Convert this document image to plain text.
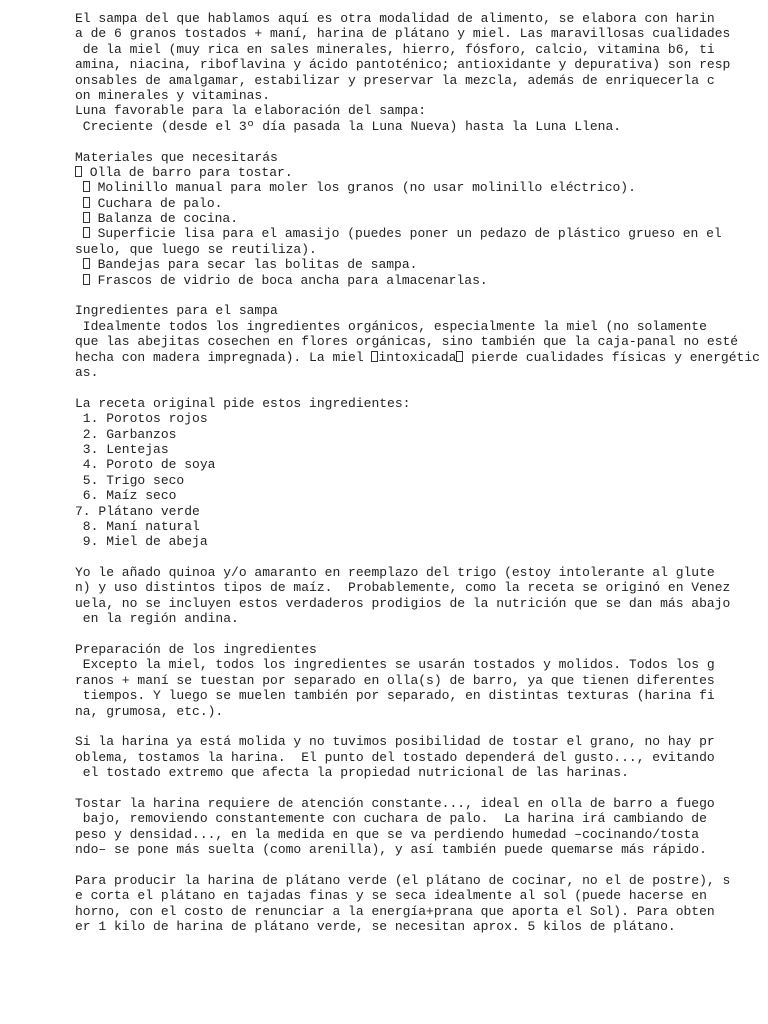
El sampa del que hablamos aquí es otra modalidad de alimento, se elabora con harin
a de 6 granos tostados + maní, harina de plátano y miel. Las maravillosas cualidades
de la miel (muy rica en sales minerales, hierro, fósforo, calcio, vitamina b6, ti
amina, niacina, riboflavina y ácido pantoténico; antioxidante y depurativa) son resp
onsables de amalgamar, estabilizar y preservar la mezcla, además de enriquecerla c
on minerales y vitaminas.
Luna favorable para la elaboración del sampa:
Creciente (desde el 3º día pasada la Luna Nueva) hasta la Luna Llena.
Materiales que necesitarás
Olla de barro para tostar.
Molinillo manual para moler los granos (no usar molinillo eléctrico).
Cuchara de palo.
Balanza de cocina.
Superficie lisa para el amasijo (puedes poner un pedazo de plástico grueso en el
suelo, que luego se reutiliza).
Bandejas para secar las bolitas de sampa.
Frascos de vidrio de boca ancha para almacenarlas.
Ingredientes para el sampa
Idealmente todos los ingredientes orgánicos, especialmente la miel (no solamente
que las abejitas cosechen en flores orgánicas, sino también que la caja-panal no esté
hecha con madera impregnada). La miel intoxicada pierde cualidades físicas y energétic
as.
La receta original pide estos ingredientes:
1. Porotos rojos
2. Garbanzos
3. Lentejas
4. Poroto de soya
5. Trigo seco
6. Maíz seco
7. Plátano verde
8. Maní natural
9. Miel de abeja
Yo le añado quinoa y/o amaranto en reemplazo del trigo (estoy intolerante al glute
n) y uso distintos tipos de maíz.  Probablemente, como la receta se originó en Venez
uela, no se incluyen estos verdaderos prodigios de la nutrición que se dan más abajo
en la región andina.
Preparación de los ingredientes
Excepto la miel, todos los ingredientes se usarán tostados y molidos. Todos los g
ranos + maní se tuestan por separado en olla(s) de barro, ya que tienen diferentes
tiempos. Y luego se muelen también por separado, en distintas texturas (harina fi
na, grumosa, etc.).
Si la harina ya está molida y no tuvimos posibilidad de tostar el grano, no hay pr
oblema, tostamos la harina.  El punto del tostado dependerá del gusto..., evitando
el tostado extremo que afecta la propiedad nutricional de las harinas.
Tostar la harina requiere de atención constante..., ideal en olla de barro a fuego
bajo, removiendo constantemente con cuchara de palo.  La harina irá cambiando de
peso y densidad..., en la medida en que se va perdiendo humedad –cocinando/tosta
ndo– se pone más suelta (como arenilla), y así también puede quemarse más rápido.
Para producir la harina de plátano verde (el plátano de cocinar, no el de postre), s
e corta el plátano en tajadas finas y se seca idealmente al sol (puede hacerse en
horno, con el costo de renunciar a la energía+prana que aporta el Sol). Para obten
er 1 kilo de harina de plátano verde, se necesitan aprox. 5 kilos de plátano.
